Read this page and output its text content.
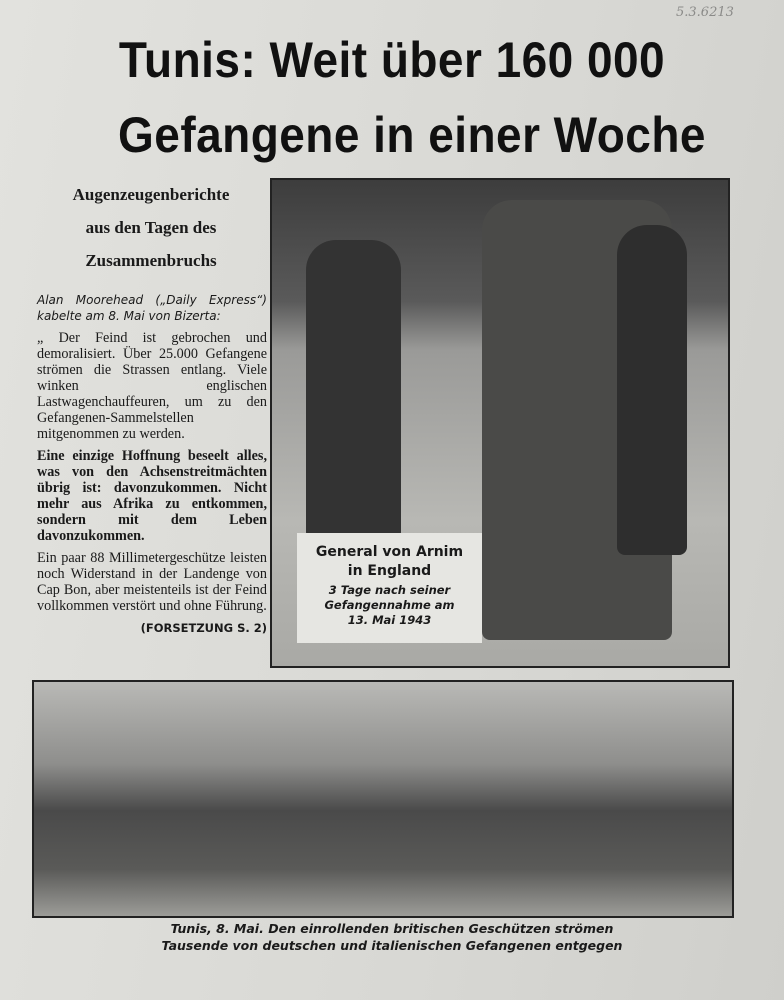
5.3.6213
Tunis: Weit über 160 000
Gefangene in einer Woche
Augenzeugenberichte
aus den Tagen des
Zusammenbruchs

Alan Moorehead („Daily Express“) kabelte am 8. Mai von Bizerta:

„ Der Feind ist gebrochen und demoralisiert. Über 25.000 Gefangene strömen die Strassen entlang. Viele winken englischen Lastwagenchauffeuren, um zu den Gefangenen-Sammelstellen mitgenommen zu werden.

Eine einzige Hoffnung beseelt alles, was von den Achsenstreitmächten übrig ist: davonzukommen. Nicht mehr aus Afrika zu entkommen, sondern mit dem Leben davonzukommen.

Ein paar 88 Millimetergeschütze leisten noch Widerstand in der Landenge von Cap Bon, aber meistenteils ist der Feind vollkommen verstört und ohne Führung.

(FORSETZUNG S. 2)
General von Arnim
in England
3 Tage nach seiner
Gefangennahme am
13. Mai 1943
Tunis, 8. Mai. Den einrollenden britischen Geschützen strömen
Tausende von deutschen und italienischen Gefangenen entgegen
